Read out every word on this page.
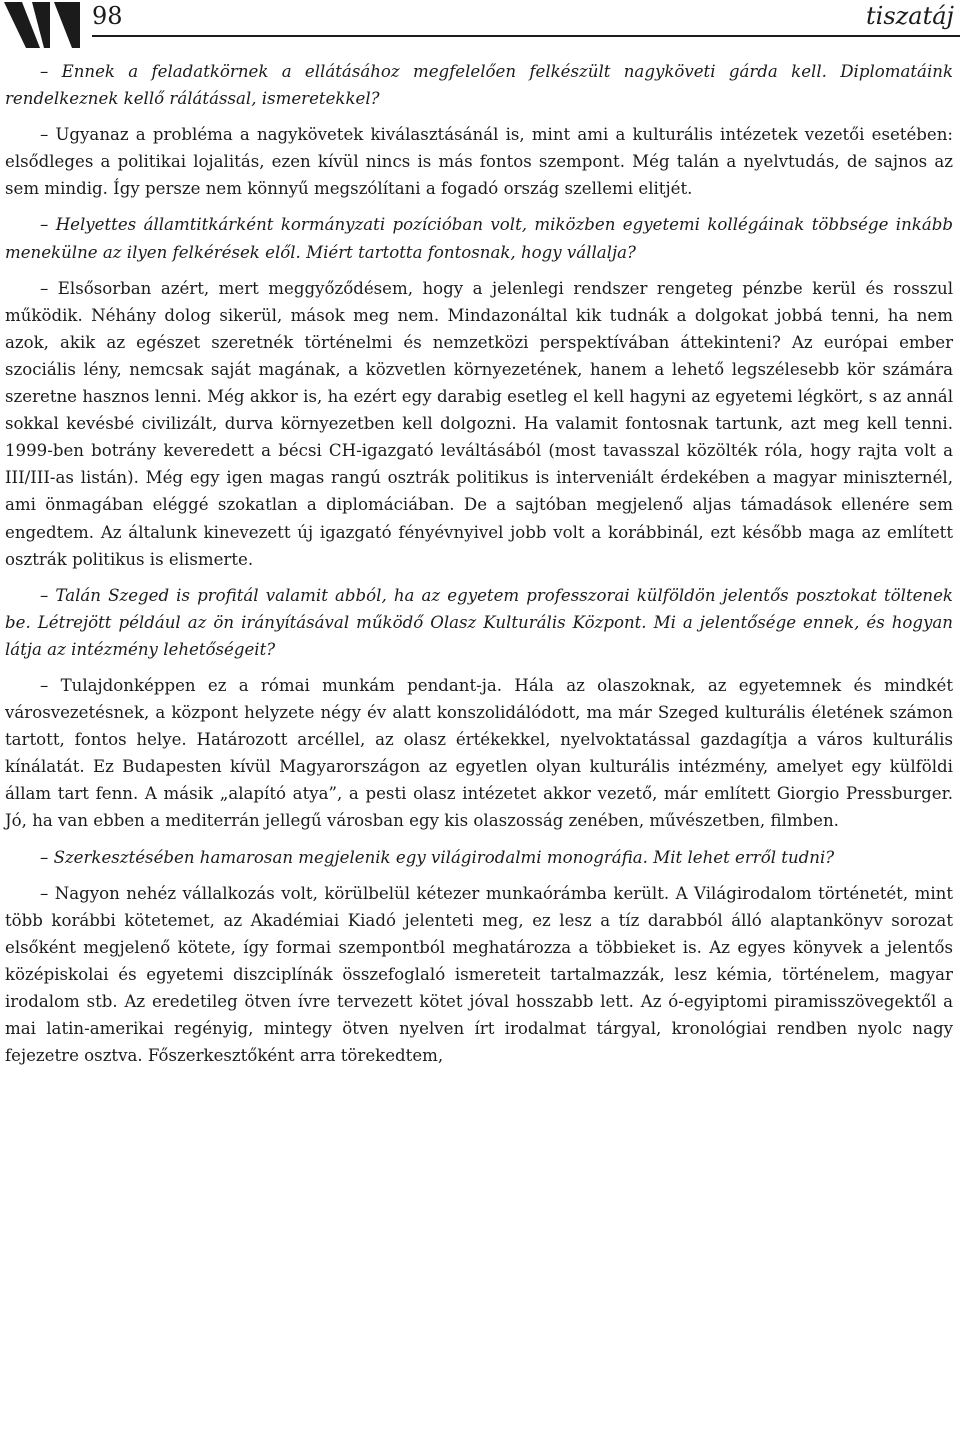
98	tiszatáj

– Ennek a feladatkörnek a ellátásához megfelelően felkészült nagyköveti gárda kell. Diplomatáink rendelkeznek kellő rálátással, ismeretekkel?

– Ugyanaz a probléma a nagykövetek kiválasztásánál is, mint ami a kulturális intézetek vezetői esetében: elsődleges a politikai lojalitás, ezen kívül nincs is más fontos szempont. Még talán a nyelvtudás, de sajnos az sem mindig. Így persze nem könnyű megszólítani a fogadó ország szellemi elitjét.

– Helyettes államtitkárként kormányzati pozícióban volt, miközben egyetemi kollégáinak többsége inkább menekülne az ilyen felkérések elől. Miért tartotta fontosnak, hogy vállalja?

– Elsősorban azért, mert meggyőződésem, hogy a jelenlegi rendszer rengeteg pénzbe kerül és rosszul működik. Néhány dolog sikerül, mások meg nem. Mindazonáltal kik tudnák a dolgokat jobbá tenni, ha nem azok, akik az egészet szeretnék történelmi és nemzetközi perspektívában áttekinteni? Az európai ember szociális lény, nemcsak saját magának, a közvetlen környezetének, hanem a lehető legszélesebb kör számára szeretne hasznos lenni. Még akkor is, ha ezért egy darabig esetleg el kell hagyni az egyetemi légkört, s az annál sokkal kevésbé civilizált, durva környezetben kell dolgozni. Ha valamit fontosnak tartunk, azt meg kell tenni. 1999-ben botrány keveredett a bécsi CH-igazgató leváltásából (most tavasszal közölték róla, hogy rajta volt a III/III-as listán). Még egy igen magas rangú osztrák politikus is interveniált érdekében a magyar miniszternél, ami önmagában eléggé szokatlan a diplomáciában. De a sajtóban megjelenő aljas támadások ellenére sem engedtem. Az általunk kinevezett új igazgató fényévnyivel jobb volt a korábbinál, ezt később maga az említett osztrák politikus is elismerte.

– Talán Szeged is profitál valamit abból, ha az egyetem professzorai külföldön jelentős posztokat töltenek be. Létrejött például az ön irányításával működő Olasz Kulturális Központ. Mi a jelentősége ennek, és hogyan látja az intézmény lehetőségeit?

– Tulajdonképpen ez a római munkám pendant-ja. Hála az olaszoknak, az egyetemnek és mindkét városvezetésnek, a központ helyzete négy év alatt konszolidálódott, ma már Szeged kulturális életének számon tartott, fontos helye. Határozott arcéllel, az olasz értékekkel, nyelvoktatással gazdagítja a város kulturális kínálatát. Ez Budapesten kívül Magyarországon az egyetlen olyan kulturális intézmény, amelyet egy külföldi állam tart fenn. A másik „alapító atya”, a pesti olasz intézetet akkor vezető, már említett Giorgio Pressburger. Jó, ha van ebben a mediterrán jellegű városban egy kis olaszosság zenében, művészetben, filmben.

– Szerkesztésében hamarosan megjelenik egy világirodalmi monográfia. Mit lehet erről tudni?

– Nagyon nehéz vállalkozás volt, körülbelül kétezer munkaórámba került. A Világirodalom történetét, mint több korábbi kötetemet, az Akadémiai Kiadó jelenteti meg, ez lesz a tíz darabból álló alaptankönyv sorozat elsőként megjelenő kötete, így formai szempontból meghatározza a többieket is. Az egyes könyvek a jelentős középiskolai és egyetemi diszciplínák összefoglaló ismereteit tartalmazzák, lesz kémia, történelem, magyar irodalom stb. Az eredetileg ötven ívre tervezett kötet jóval hosszabb lett. Az ó-egyiptomi piramisszövegektől a mai latin-amerikai regényig, mintegy ötven nyelven írt irodalmat tárgyal, kronológiai rendben nyolc nagy fejezetre osztva. Főszerkesztőként arra törekedtem,
